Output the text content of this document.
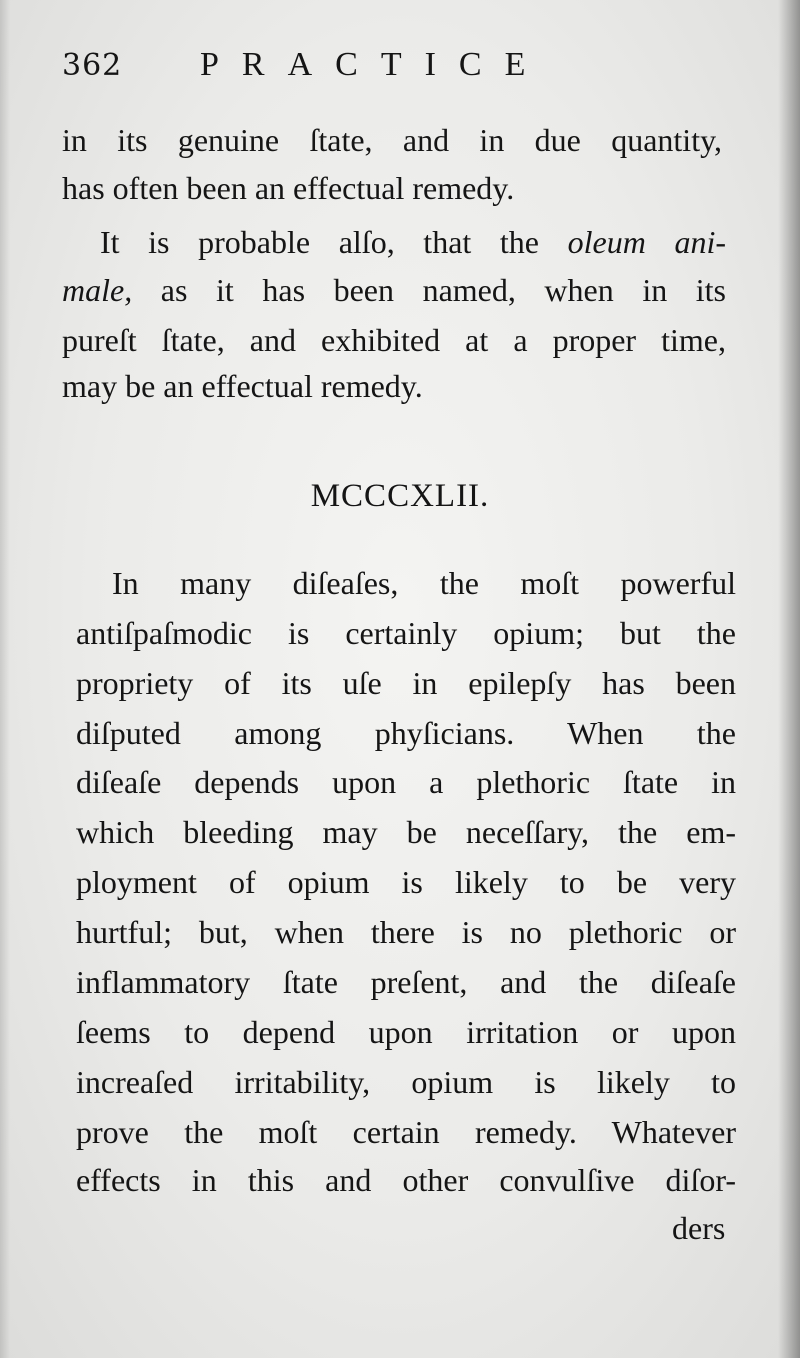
362 PRACTICE
in its genuine ſtate, and in due quantity,
has often been an effectual remedy.
It is probable alſo, that the oleum ani-
male, as it has been named, when in its
pureſt ſtate, and exhibited at a proper time,
may be an effectual remedy.
MCCCXLII.
In many diſeaſes, the moſt powerful
antiſpaſmodic is certainly opium; but the
propriety of its uſe in epilepſy has been
diſputed among phyſicians. When the
diſeaſe depends upon a plethoric ſtate in
which bleeding may be neceſſary, the em-
ployment of opium is likely to be very
hurtful; but, when there is no plethoric or
inflammatory ſtate preſent, and the diſeaſe
ſeems to depend upon irritation or upon
increaſed irritability, opium is likely to
prove the moſt certain remedy. Whatever
effects in this and other convulſive diſor-
ders
